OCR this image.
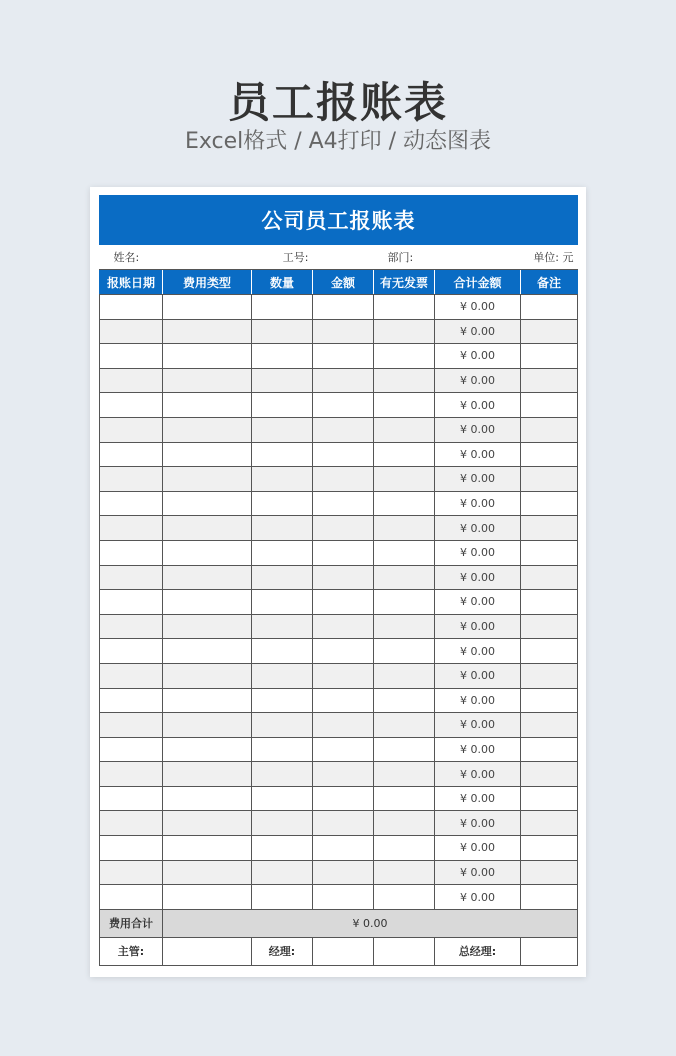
员工报账表
Excel格式 / A4打印 / 动态图表
公司员工报账表						
姓名:		工号:		部门:		单位: 元
报账日期	费用类型	数量	金额	有无发票	合计金额	备注
					¥ 0.00	
					¥ 0.00	
					¥ 0.00	
					¥ 0.00	
					¥ 0.00	
					¥ 0.00	
					¥ 0.00	
					¥ 0.00	
					¥ 0.00	
					¥ 0.00	
					¥ 0.00	
					¥ 0.00	
					¥ 0.00	
					¥ 0.00	
					¥ 0.00	
					¥ 0.00	
					¥ 0.00	
					¥ 0.00	
					¥ 0.00	
					¥ 0.00	
					¥ 0.00	
					¥ 0.00	
					¥ 0.00	
					¥ 0.00	
					¥ 0.00	
费用合计	¥ 0.00					
主管:		经理:			总经理:	
